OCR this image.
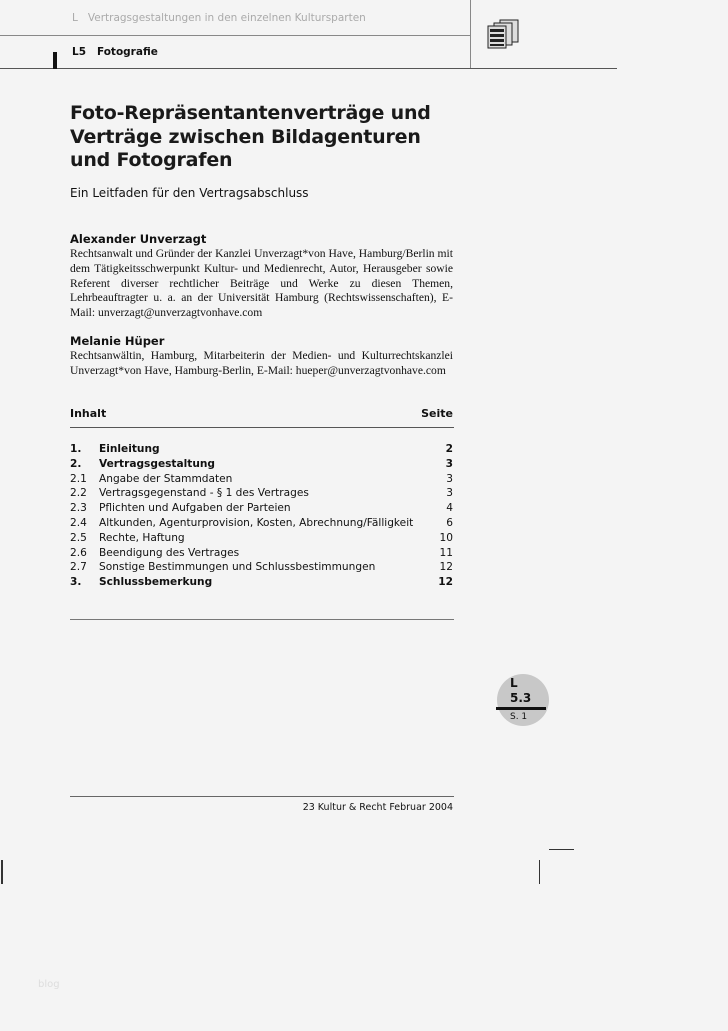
L Vertragsgestaltungen in den einzelnen Kultursparten
L5 Fotografie
Foto-Repräsentantenverträge und
Verträge zwischen Bildagenturen
und Fotografen
Ein Leitfaden für den Vertragsabschluss
Alexander Unverzagt
Rechtsanwalt und Gründer der Kanzlei Unverzagt*von Have, Hamburg/Berlin mit dem Tätigkeitsschwerpunkt Kultur- und Medienrecht, Autor, Herausgeber sowie Referent diverser rechtlicher Beiträge und Werke zu diesen Themen, Lehrbeauftragter u. a. an der Universität Hamburg (Rechtswissenschaften), E-Mail: unverzagt@unverzagtvonhave.com
Melanie Hüper
Rechtsanwältin, Hamburg, Mitarbeiterin der Medien- und Kulturrechtskanzlei Unverzagt*von Have, Hamburg-Berlin, E-Mail: hueper@unverzagtvonhave.com
Inhalt	Seite
1.	Einleitung	2
2.	Vertragsgestaltung	3
2.1	Angabe der Stammdaten	3
2.2	Vertragsgegenstand - § 1 des Vertrages	3
2.3	Pflichten und Aufgaben der Parteien	4
2.4	Altkunden, Agenturprovision, Kosten, Abrechnung/Fälligkeit	6
2.5	Rechte, Haftung	10
2.6	Beendigung des Vertrages	11
2.7	Sonstige Bestimmungen und Schlussbestimmungen	12
3.	Schlussbemerkung	12
L
5.3
S. 1
23 Kultur & Recht Februar 2004
blog
